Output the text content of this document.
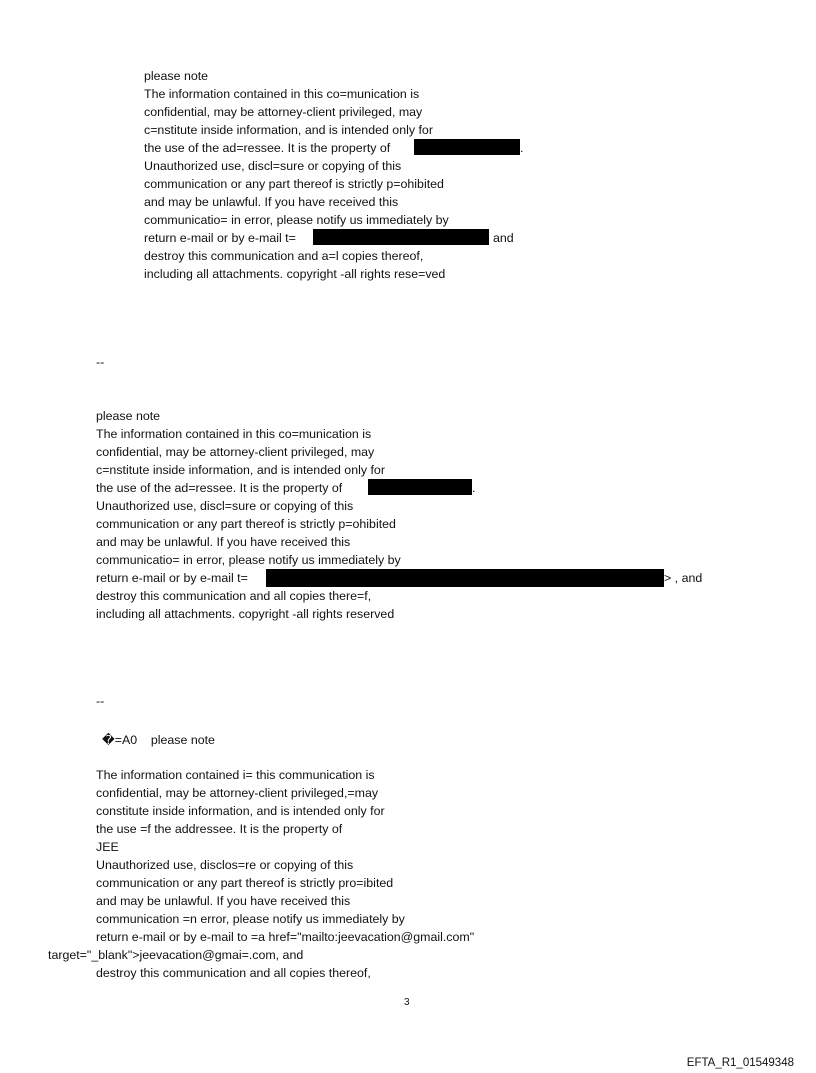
please note
The information contained in this co=munication is
confidential, may be attorney-client privileged, may
c=nstitute inside information, and is intended only for
the use of the ad=ressee. It is the property of	.
Unauthorized use, discl=sure or copying of this
communication or any part thereof is strictly p=ohibited
and may be unlawful. If you have received this
communicatio= in error, please notify us immediately by
return e-mail or by e-mail t=	and
destroy this communication and a=l copies thereof,
including all attachments. copyright -all rights rese=ved
--
please note
The information contained in this co=munication is
confidential, may be attorney-client privileged, may
c=nstitute inside information, and is intended only for
the use of the ad=ressee. It is the property of	.
Unauthorized use, discl=sure or copying of this
communication or any part thereof is strictly p=ohibited
and may be unlawful. If you have received this
communicatio= in error, please notify us immediately by
return e-mail or by e-mail t=	> , and
destroy this communication and all copies there=f,
including all attachments. copyright -all rights reserved
--
�=A0    please note
The information contained i= this communication is
confidential, may be attorney-client privileged,=may
constitute inside information, and is intended only for
the use =f the addressee. It is the property of
JEE
Unauthorized use, disclos=re or copying of this
communication or any part thereof is strictly pro=ibited
and may be unlawful. If you have received this
communication =n error, please notify us immediately by
return e-mail or by e-mail to =a href="mailto:jeevacation@gmail.com"
target="_blank">jeevacation@gmai=.com, and
destroy this communication and all copies thereof,
3
EFTA_R1_01549348
